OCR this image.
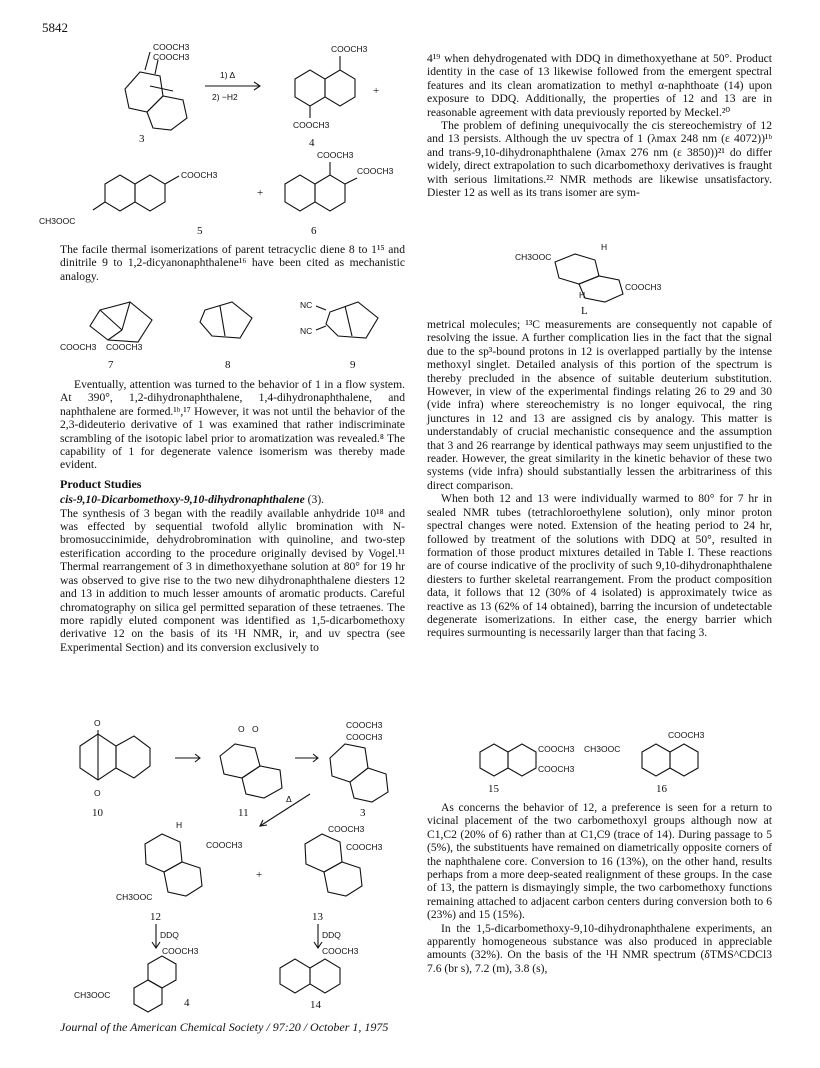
5842
COOCH3
COOCH3
3
1) Δ
2) −H2
COOCH3
COOCH3
4
+
COOCH3
CH3OOC
5
+
COOCH3
COOCH3
6

The facile thermal isomerizations of parent tetracyclic diene 8 to 1¹⁵ and dinitrile 9 to 1,2-dicyanonaphthalene¹⁶ have been cited as mechanistic analogy.

COOCH3 COOCH3
7	8
NC
NC
9

Eventually, attention was turned to the behavior of 1 in a flow system. At 390°, 1,2-dihydronaphthalene, 1,4-dihydronaphthalene, and naphthalene are formed.¹ᵇ,¹⁷ However, it was not until the behavior of the 2,3-dideuterio derivative of 1 was examined that rather indiscriminate scrambling of the isotopic label prior to aromatization was revealed.⁸ The capability of 1 for degenerate valence isomerism was thereby made evident.

Product Studies

cis-9,10-Dicarbomethoxy-9,10-dihydronaphthalene (3).

The synthesis of 3 began with the readily available anhydride 10¹⁸ and was effected by sequential twofold allylic bromination with N-bromosuccinimide, dehydrobromination with quinoline, and two-step esterification according to the procedure originally devised by Vogel.¹¹ Thermal rearrangement of 3 in dimethoxyethane solution at 80° for 19 hr was observed to give rise to the two new dihydronaphthalene diesters 12 and 13 in addition to much lesser amounts of aromatic products. Careful chromatography on silica gel permitted separation of these tetraenes. The more rapidly eluted component was identified as 1,5-dicarbomethoxy derivative 12 on the basis of its ¹H NMR, ir, and uv spectra (see Experimental Section) and its conversion exclusively to

O
O
10
O O
11
COOCH3
COOCH3
3
Δ
H
COOCH3
CH3OOC
12
+
COOCH3
COOCH3
13
DDQ	DDQ
COOCH3
CH3OOC
4
COOCH3
14

4¹⁹ when dehydrogenated with DDQ in dimethoxyethane at 50°. Product identity in the case of 13 likewise followed from the emergent spectral features and its clean aromatization to methyl α-naphthoate (14) upon exposure to DDQ. Additionally, the properties of 12 and 13 are in reasonable agreement with data previously reported by Meckel.²⁰

The problem of defining unequivocally the cis stereochemistry of 12 and 13 persists. Although the uv spectra of 1 (λmax 248 nm (ε 4072))¹ᵇ and trans-9,10-dihydronaphthalene (λmax 276 nm (ε 3850))²¹ do differ widely, direct extrapolation to such dicarbomethoxy derivatives is fraught with serious limitations.²² NMR methods are likewise unsatisfactory. Diester 12 as well as its trans isomer are sym-

CH3OOC
H
COOCH3
H
L

metrical molecules; ¹³C measurements are consequently not capable of resolving the issue. A further complication lies in the fact that the signal due to the sp³-bound protons in 12 is overlapped partially by the intense methoxyl singlet. Detailed analysis of this portion of the spectrum is thereby precluded in the absence of suitable deuterium substitution. However, in view of the experimental findings relating 26 to 29 and 30 (vide infra) where stereochemistry is no longer equivocal, the ring junctures in 12 and 13 are assigned cis by analogy. This matter is understandably of crucial mechanistic consequence and the assumption that 3 and 26 rearrange by identical pathways may seem unjustified to the reader. However, the great similarity in the kinetic behavior of these two systems (vide infra) should substantially lessen the arbitrariness of this direct comparison.

When both 12 and 13 were individually warmed to 80° for 7 hr in sealed NMR tubes (tetrachloroethylene solution), only minor proton spectral changes were noted. Extension of the heating period to 24 hr, followed by treatment of the solutions with DDQ at 50°, resulted in formation of those product mixtures detailed in Table I. These reactions are of course indicative of the proclivity of such 9,10-dihydronaphthalene diesters to further skeletal rearrangement. From the product composition data, it follows that 12 (30% of 4 isolated) is approximately twice as reactive as 13 (62% of 14 obtained), barring the incursion of undetectable degenerate isomerizations. In either case, the energy barrier which requires surmounting is necessarily larger than that facing 3.

COOCH3
COOCH3
15
CH3OOC
COOCH3
16

As concerns the behavior of 12, a preference is seen for a return to vicinal placement of the two carbomethoxyl groups although now at C1,C2 (20% of 6) rather than at C1,C9 (trace of 14). During passage to 5 (5%), the substituents have remained on diametrically opposite corners of the naphthalene core. Conversion to 16 (13%), on the other hand, results perhaps from a more deep-seated realignment of these groups. In the case of 13, the pattern is dismayingly simple, the two carbomethoxy functions remaining attached to adjacent carbon centers during conversion both to 6 (23%) and 15 (15%).

In the 1,5-dicarbomethoxy-9,10-dihydronaphthalene experiments, an apparently homogeneous substance was also produced in appreciable amounts (32%). On the basis of the ¹H NMR spectrum (δTMS^CDCl3 7.6 (br s), 7.2 (m), 3.8 (s),

Journal of the American Chemical Society / 97:20 / October 1, 1975
